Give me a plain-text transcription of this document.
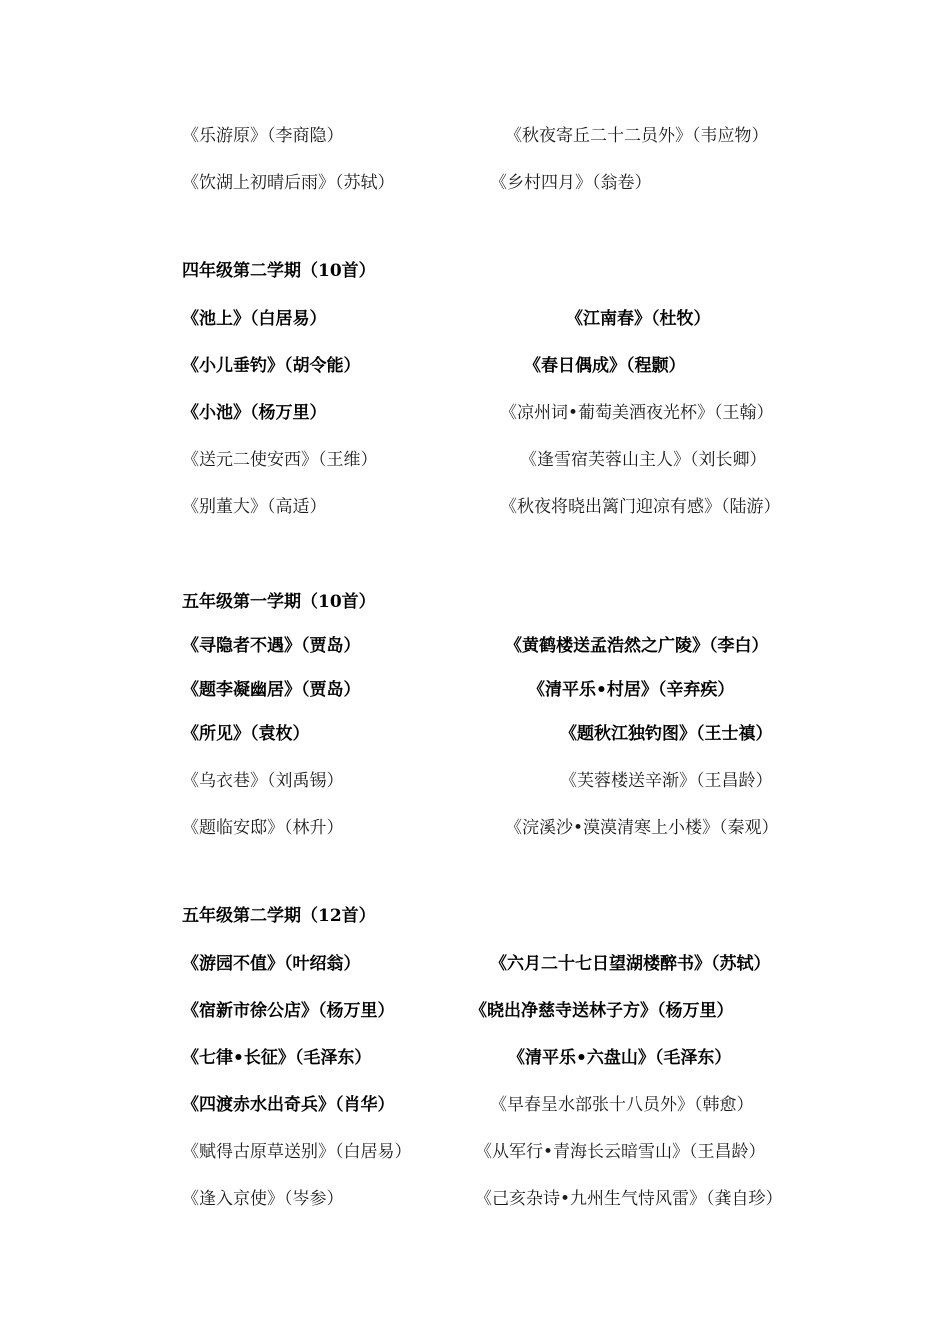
《乐游原》（李商隐）	《秋夜寄丘二十二员外》（韦应物）
《饮湖上初晴后雨》（苏轼）	《乡村四月》（翁卷）
四年级第二学期（10首）
《池上》（白居易）	《江南春》（杜牧）
《小儿垂钓》（胡令能）	《春日偶成》（程颢）
《小池》（杨万里）	《凉州词•葡萄美酒夜光杯》（王翰）
《送元二使安西》（王维）	《逢雪宿芙蓉山主人》（刘长卿）
《别董大》（高适）	《秋夜将晓出篱门迎凉有感》（陆游）
五年级第一学期（10首）
《寻隐者不遇》（贾岛）	《黄鹤楼送孟浩然之广陵》（李白）
《题李凝幽居》（贾岛）	《清平乐•村居》（辛弃疾）
《所见》（袁枚）	《题秋江独钓图》（王士禛）
《乌衣巷》（刘禹锡）	《芙蓉楼送辛渐》（王昌龄）
《题临安邸》（林升）	《浣溪沙•漠漠清寒上小楼》（秦观）
五年级第二学期（12首）
《游园不值》（叶绍翁）	《六月二十七日望湖楼醉书》（苏轼）
《宿新市徐公店》（杨万里）	《晓出净慈寺送林子方》（杨万里）
《七律•长征》（毛泽东）	《清平乐•六盘山》（毛泽东）
《四渡赤水出奇兵》（肖华）	《早春呈水部张十八员外》（韩愈）
《赋得古原草送别》（白居易）	《从军行•青海长云暗雪山》（王昌龄）
《逢入京使》（岑参）	《己亥杂诗•九州生气恃风雷》（龚自珍）
